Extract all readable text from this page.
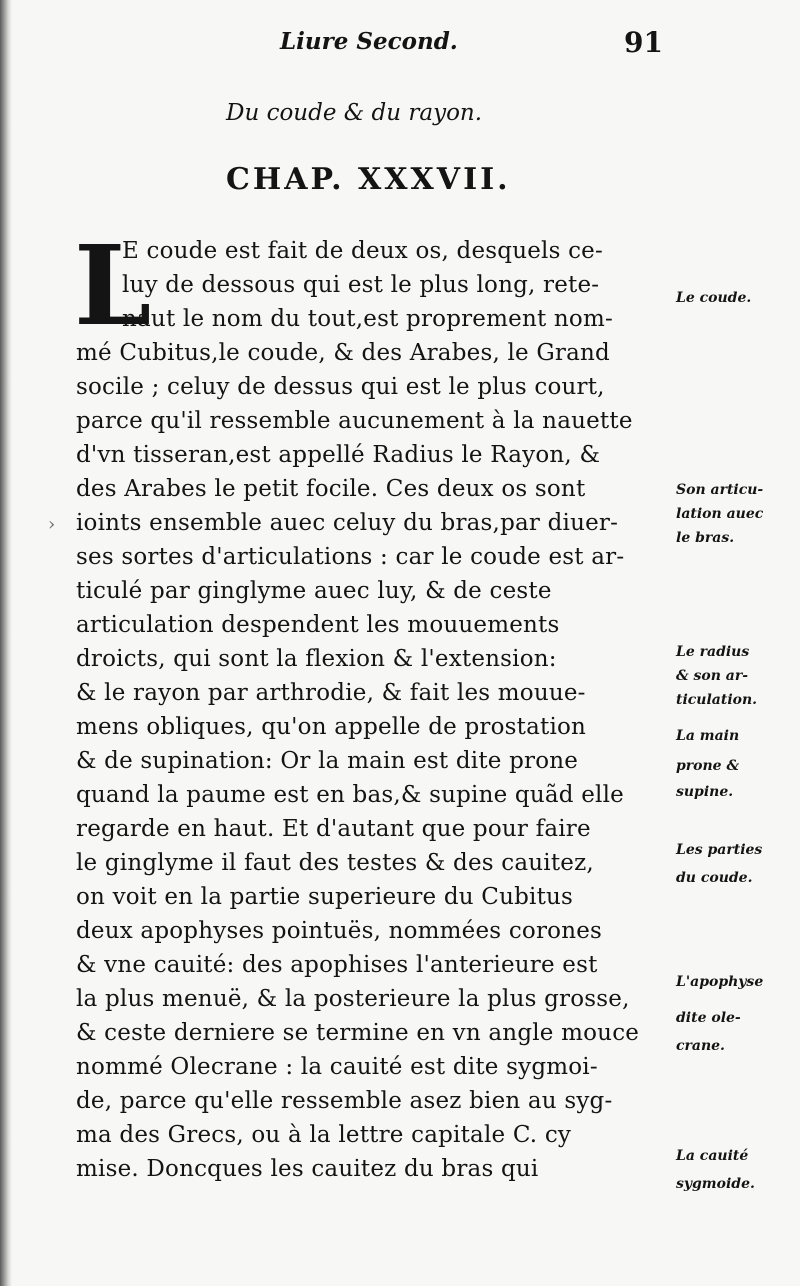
Liure Second.	91
Du coude & du rayon.
CHAP. XXXVII.
L
E coude est fait de deux os, desquels ce-
luy de dessous qui est le plus long, rete-
naut le nom du tout,est proprement nom-
mé Cubitus,le coude, & des Arabes, le Grand
socile ; celuy de dessus qui est le plus court,
parce qu'il ressemble aucunement à la nauette
d'vn tisseran,est appellé Radius le Rayon, &
des Arabes le petit focile. Ces deux os sont
ioints ensemble auec celuy du bras,par diuer-
ses sortes d'articulations : car le coude est ar-
ticulé par ginglyme auec luy, & de ceste
articulation despendent les mouuements
droicts, qui sont la flexion & l'extension:
& le rayon par arthrodie, & fait les mouue-
mens obliques, qu'on appelle de prostation
& de supination: Or la main est dite prone
quand la paume est en bas,& supine quãd elle
regarde en haut. Et d'autant que pour faire
le ginglyme il faut des testes & des cauitez,
on voit en la partie superieure du Cubitus
deux apophyses pointuës, nommées corones
& vne cauité: des apophises l'anterieure est
la plus menuë, & la posterieure la plus grosse,
& ceste derniere se termine en vn angle mouce
nommé Olecrane : la cauité est dite sygmoi-
de, parce qu'elle ressemble asez bien au syg-
ma des Grecs, ou à la lettre capitale C. cy
mise. Doncques les cauitez du bras qui
Le coude.
Son articu-
lation auec
le bras.
Le radius
& son ar-
ticulation.
La main
prone &
supine.
Les parties
du coude.
L'apophyse
dite ole-
crane.
La cauité
sygmoide.
›
